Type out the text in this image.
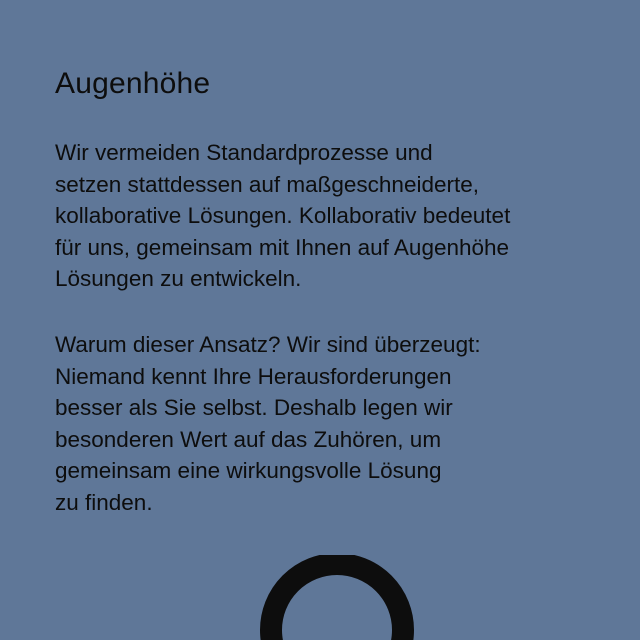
Augenhöhe

Wir vermeiden Standardprozesse und
setzen stattdessen auf maßgeschneiderte,
kollaborative Lösungen. Kollaborativ bedeutet
für uns, gemeinsam mit Ihnen auf Augenhöhe
Lösungen zu entwickeln.

Warum dieser Ansatz? Wir sind überzeugt:
Niemand kennt Ihre Herausforderungen
besser als Sie selbst. Deshalb legen wir
besonderen Wert auf das Zuhören, um
gemeinsam eine wirkungsvolle Lösung
zu finden.
